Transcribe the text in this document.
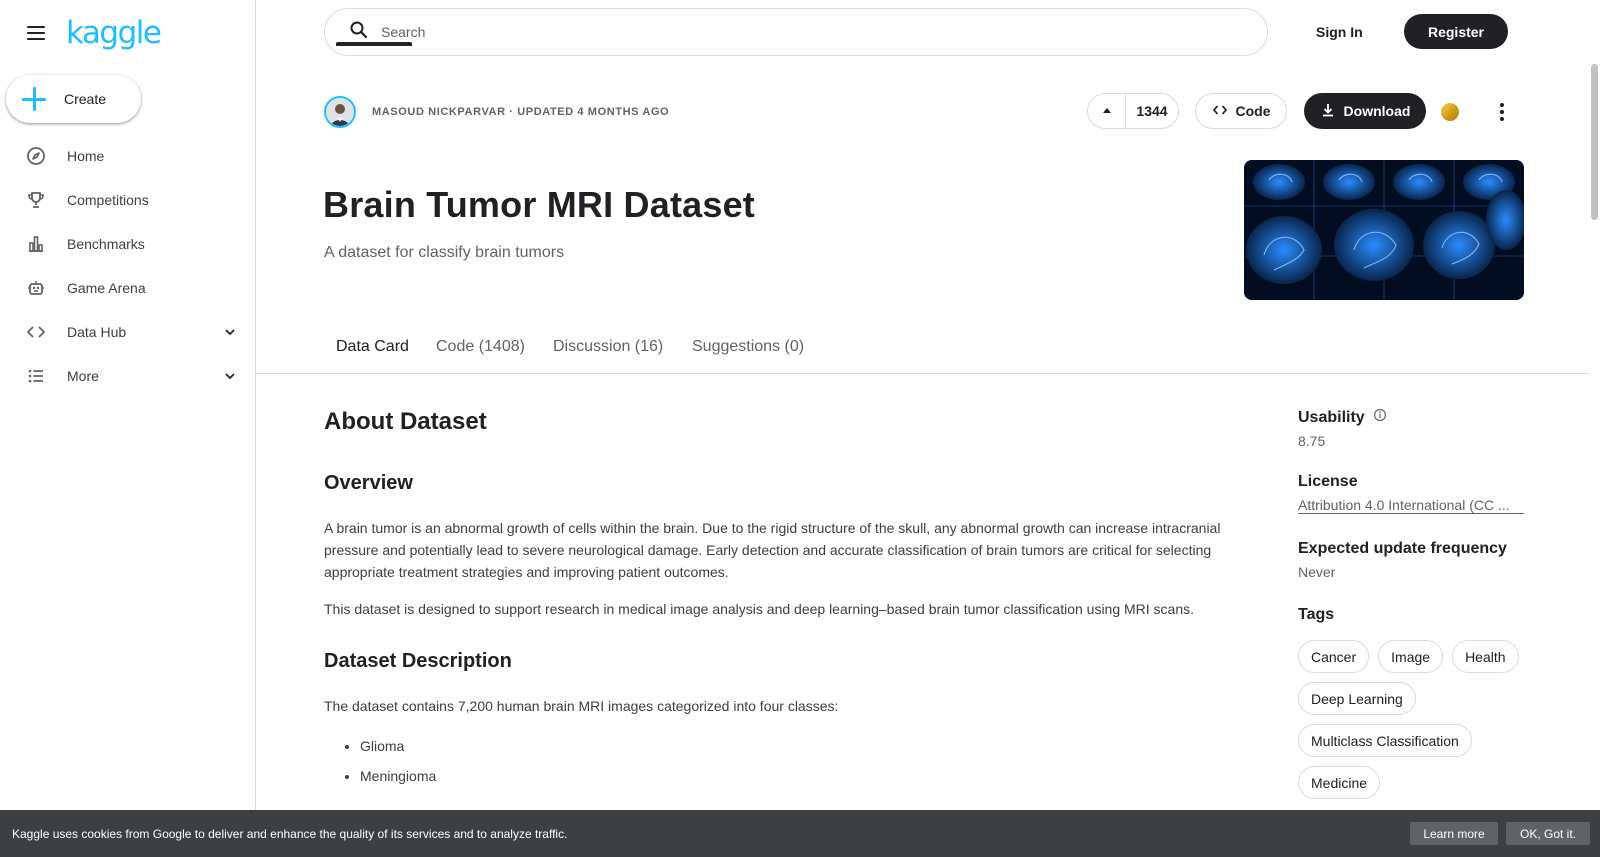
kaggle
Create
Home
Competitions
Benchmarks
Game Arena
Data Hub
More
Search
Sign In	Register
MASOUD NICKPARVAR · UPDATED 4 MONTHS AGO	1344	Code	Download
Brain Tumor MRI Dataset
A dataset for classify brain tumors
Data Card Code (1408) Discussion (16) Suggestions (0)
About Dataset
Overview

A brain tumor is an abnormal growth of cells within the brain. Due to the rigid structure of the skull, any abnormal growth can increase intracranial pressure and potentially lead to severe neurological damage. Early detection and accurate classification of brain tumors are critical for selecting appropriate treatment strategies and improving patient outcomes.

This dataset is designed to support research in medical image analysis and deep learning–based brain tumor classification using MRI scans.

Dataset Description

The dataset contains 7,200 human brain MRI images categorized into four classes:

• Glioma
• Meningioma
Usability
8.75
License
Attribution 4.0 International (CC ...
Expected update frequency
Never
Tags
Cancer	Image	Health
Deep Learning
Multiclass Classification
Medicine
Kaggle uses cookies from Google to deliver and enhance the quality of its services and to analyze traffic.	Learn more	OK, Got it.
